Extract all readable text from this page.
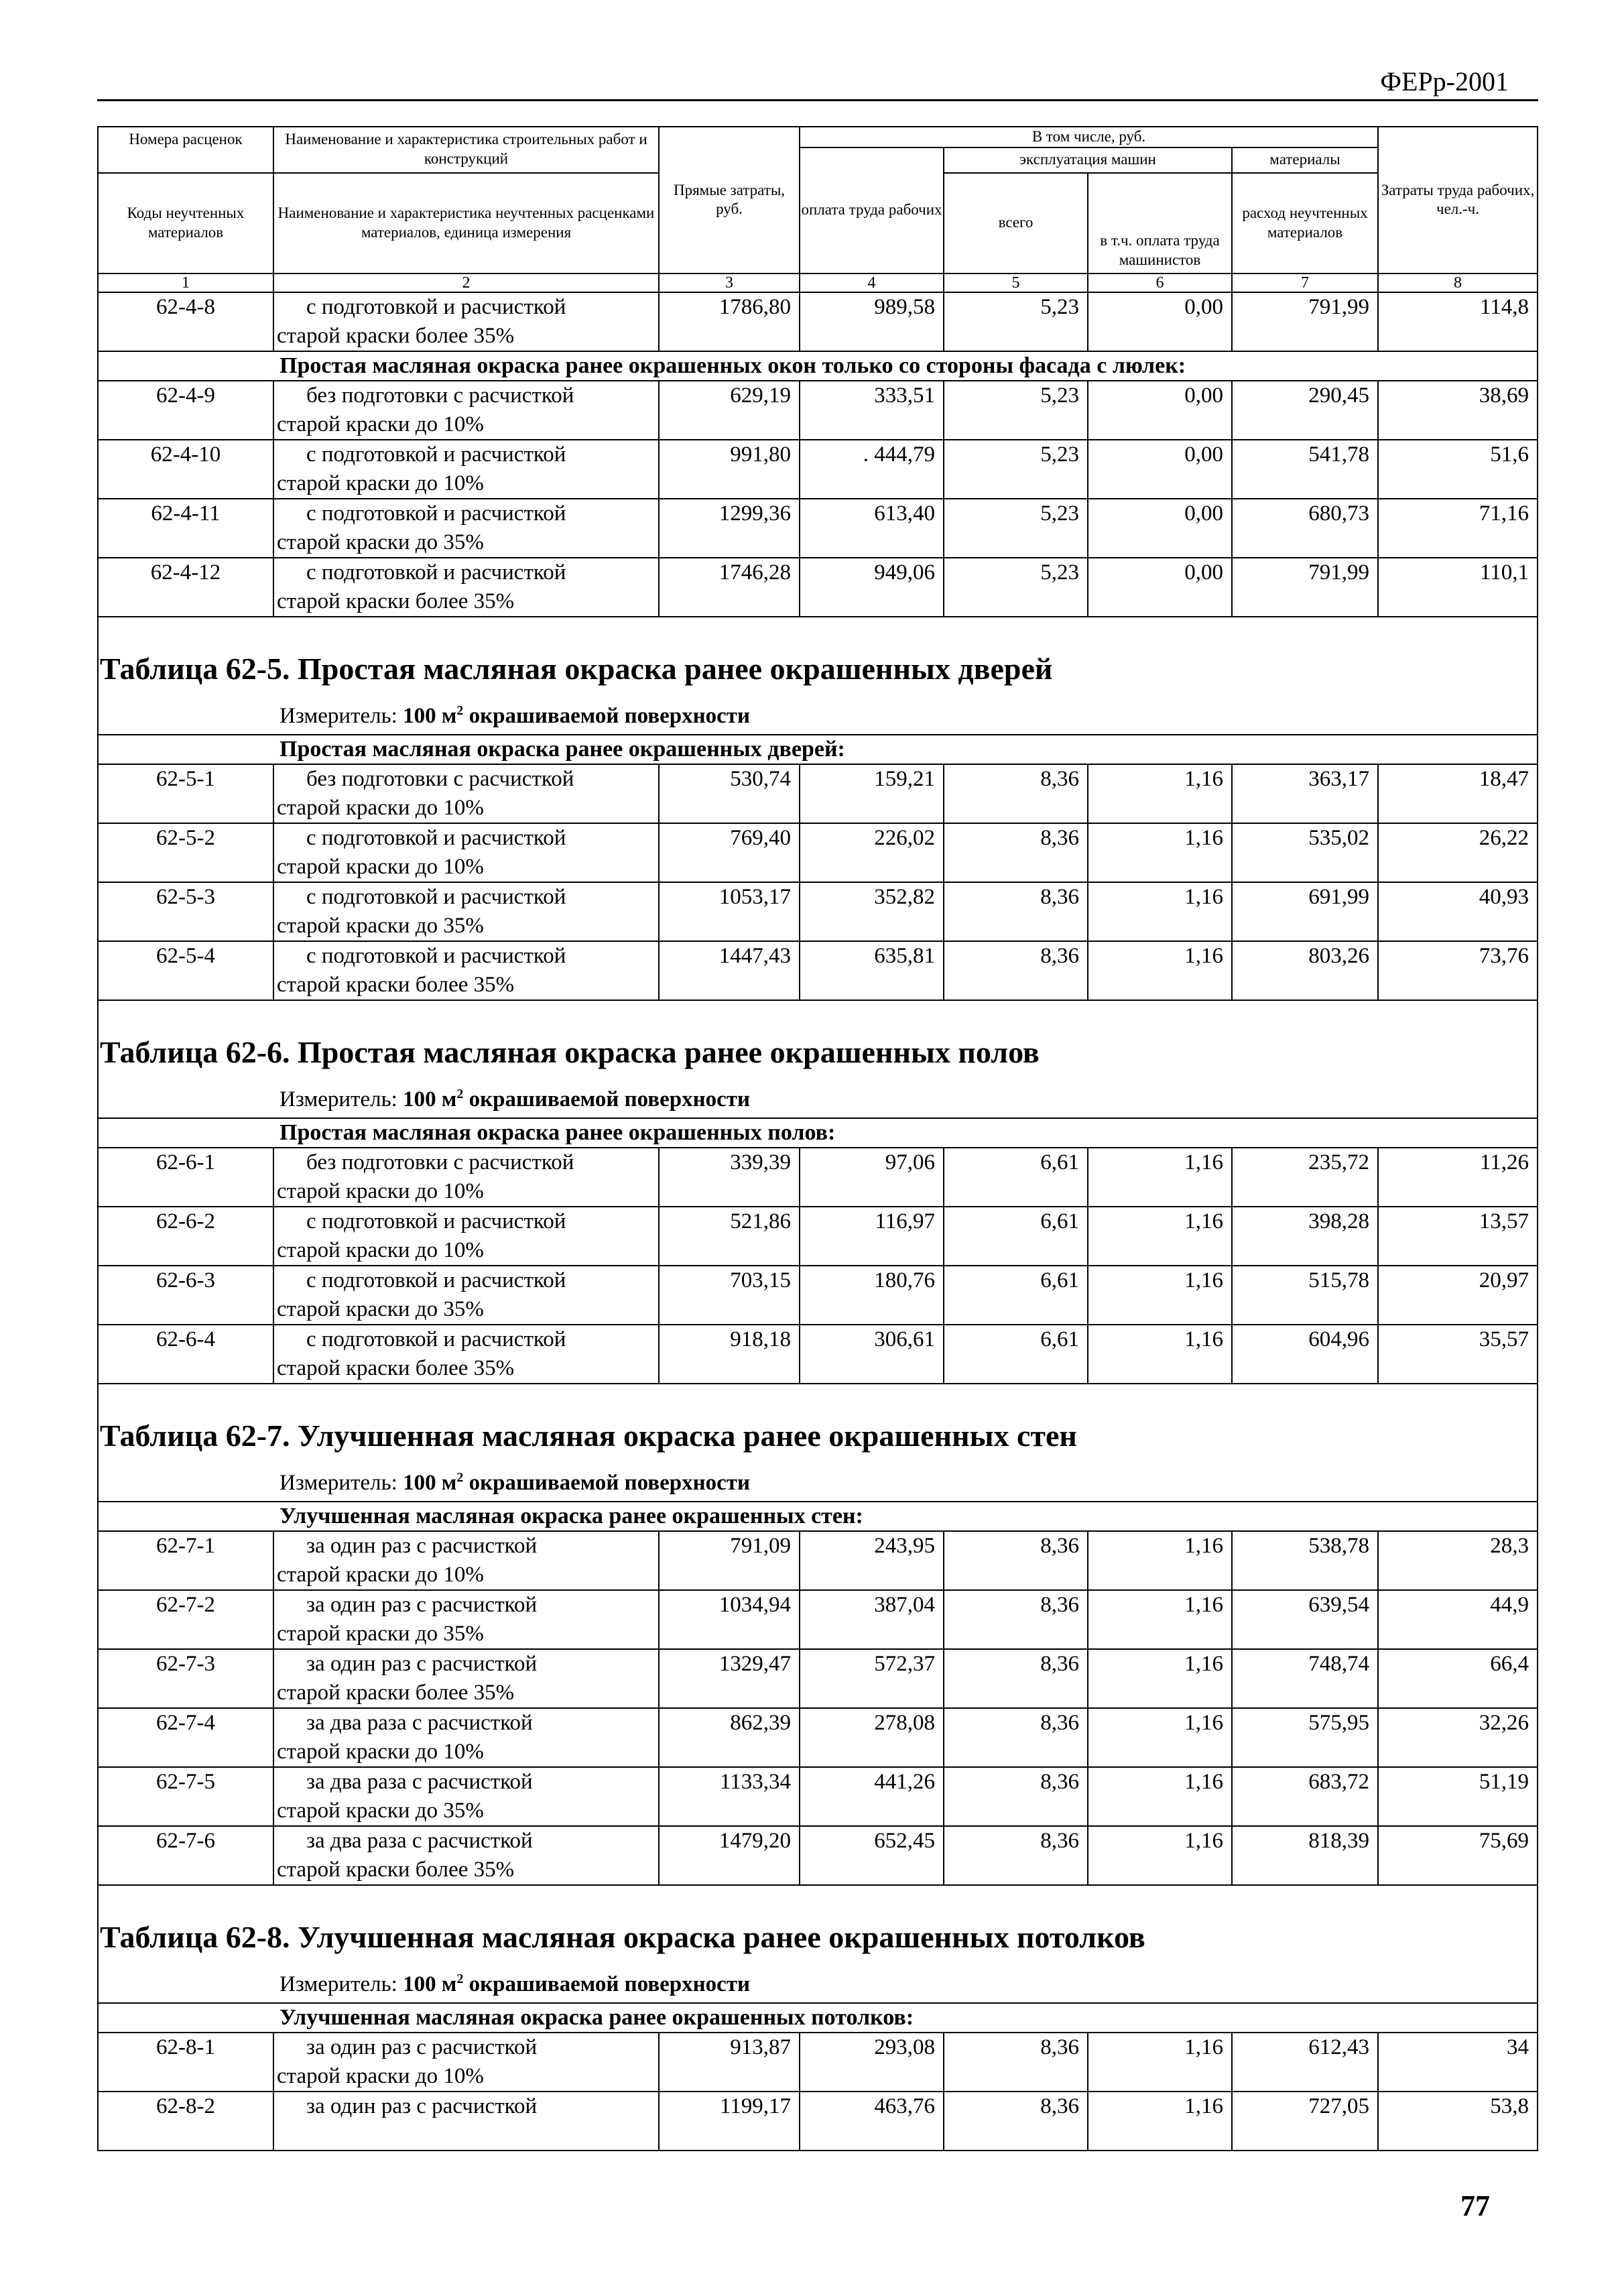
ФЕРр-2001
Номера расценок	Наименование и характеристика строительных работ и конструкций	Прямые затраты, руб.	В том числе, руб.				Затраты труда рабочих, чел.-ч.
			оплата труда рабочих	эксплуатация машин		материалы	
Коды неучтенных материалов	Наименование и характеристика неучтенных расценками материалов, единица измерения			всего	в т.ч. оплата труда машинистов	расход неучтенных материалов	
1	2	3	4	5	6	7	8
62-4-8	с подготовкой и расчисткой
старой краски более 35%	1786,80	989,58	5,23	0,00	791,99	114,8
Простая масляная окраска ранее окрашенных окон только со стороны фасада с люлек:							
62-4-9	без подготовки с расчисткой
старой краски до 10%	629,19	333,51	5,23	0,00	290,45	38,69
62-4-10	с подготовкой и расчисткой
старой краски до 10%	991,80	. 444,79	5,23	0,00	541,78	51,6
62-4-11	с подготовкой и расчисткой
старой краски до 35%	1299,36	613,40	5,23	0,00	680,73	71,16
62-4-12	с подготовкой и расчисткой
старой краски более 35%	1746,28	949,06	5,23	0,00	791,99	110,1

Таблица 62-5. Простая масляная окраска ранее окрашенных дверей							
Измеритель: 100 $м^2$ окрашиваемой поверхности							
Простая масляная окраска ранее окрашенных дверей:							
62-5-1	без подготовки с расчисткой
старой краски до 10%	530,74	159,21	8,36	1,16	363,17	18,47
62-5-2	с подготовкой и расчисткой
старой краски до 10%	769,40	226,02	8,36	1,16	535,02	26,22
62-5-3	с подготовкой и расчисткой
старой краски до 35%	1053,17	352,82	8,36	1,16	691,99	40,93
62-5-4	с подготовкой и расчисткой
старой краски более 35%	1447,43	635,81	8,36	1,16	803,26	73,76

Таблица 62-6. Простая масляная окраска ранее окрашенных полов							
Измеритель: 100 $м^2$ окрашиваемой поверхности							
Простая масляная окраска ранее окрашенных полов:							
62-6-1	без подготовки с расчисткой
старой краски до 10%	339,39	97,06	6,61	1,16	235,72	11,26
62-6-2	с подготовкой и расчисткой
старой краски до 10%	521,86	116,97	6,61	1,16	398,28	13,57
62-6-3	с подготовкой и расчисткой
старой краски до 35%	703,15	180,76	6,61	1,16	515,78	20,97
62-6-4	с подготовкой и расчисткой
старой краски более 35%	918,18	306,61	6,61	1,16	604,96	35,57

Таблица 62-7. Улучшенная масляная окраска ранее окрашенных стен							
Измеритель: 100 $м^2$ окрашиваемой поверхности							
Улучшенная масляная окраска ранее окрашенных стен:							
62-7-1	за один раз с расчисткой
старой краски до 10%	791,09	243,95	8,36	1,16	538,78	28,3
62-7-2	за один раз с расчисткой
старой краски до 35%	1034,94	387,04	8,36	1,16	639,54	44,9
62-7-3	за один раз с расчисткой
старой краски более 35%	1329,47	572,37	8,36	1,16	748,74	66,4
62-7-4	за два раза с расчисткой
старой краски до 10%	862,39	278,08	8,36	1,16	575,95	32,26
62-7-5	за два раза с расчисткой
старой краски до 35%	1133,34	441,26	8,36	1,16	683,72	51,19
62-7-6	за два раза с расчисткой
старой краски более 35%	1479,20	652,45	8,36	1,16	818,39	75,69

Таблица 62-8. Улучшенная масляная окраска ранее окрашенных потолков							
Измеритель: 100 $м^2$ окрашиваемой поверхности							
Улучшенная масляная окраска ранее окрашенных потолков:							
62-8-1	за один раз с расчисткой
старой краски до 10%	913,87	293,08	8,36	1,16	612,43	34
62-8-2	за один раз с расчисткой	1199,17	463,76	8,36	1,16	727,05	53,8
77
